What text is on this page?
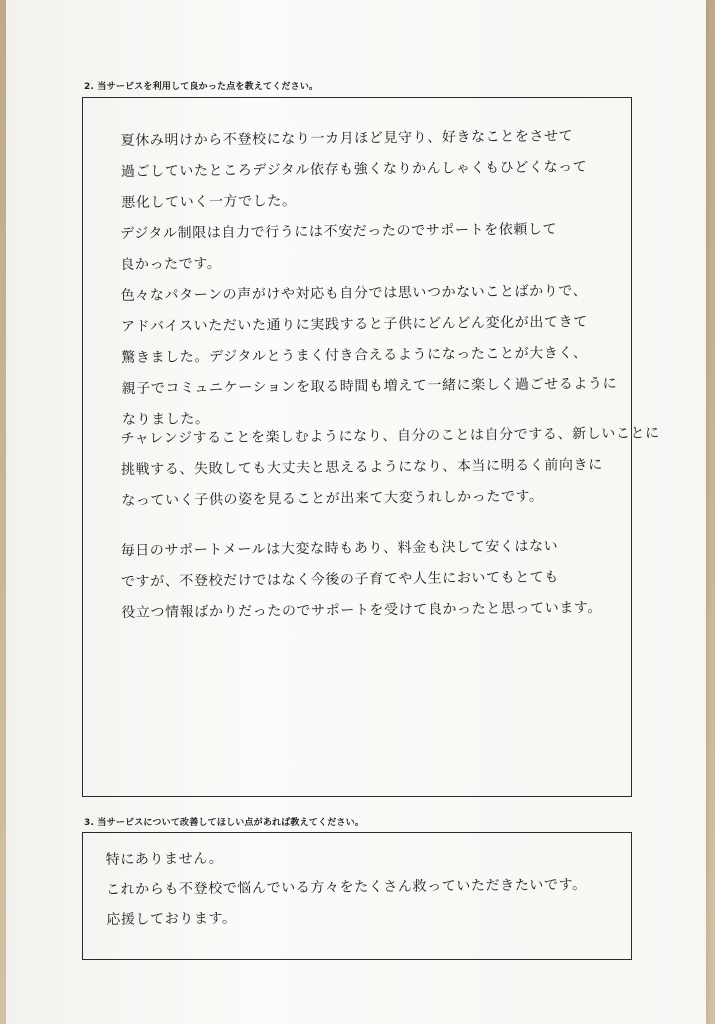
2. 当サービスを利用して良かった点を教えてください。

夏休み明けから不登校になり一カ月ほど見守り、好きなことをさせて
過ごしていたところデジタル依存も強くなりかんしゃくもひどくなって
悪化していく一方でした。

デジタル制限は自力で行うには不安だったのでサポートを依頼して
良かったです。
色々なパターンの声がけや対応も自分では思いつかないことばかりで、
アドバイスいただいた通りに実践すると子供にどんどん変化が出てきて
驚きました。デジタルとうまく付き合えるようになったことが大きく、
親子でコミュニケーションを取る時間も増えて一緒に楽しく過ごせるように
なりました。

チャレンジすることを楽しむようになり、自分のことは自分でする、新しいことに
挑戦する、失敗しても大丈夫と思えるようになり、本当に明るく前向きに
なっていく子供の姿を見ることが出来て大変うれしかったです。

毎日のサポートメールは大変な時もあり、料金も決して安くはない
ですが、不登校だけではなく今後の子育てや人生においてもとても
役立つ情報ばかりだったのでサポートを受けて良かったと思っています。

3. 当サービスについて改善してほしい点があれば教えてください。

特にありません。
これからも不登校で悩んでいる方々をたくさん救っていただきたいです。
応援しております。
